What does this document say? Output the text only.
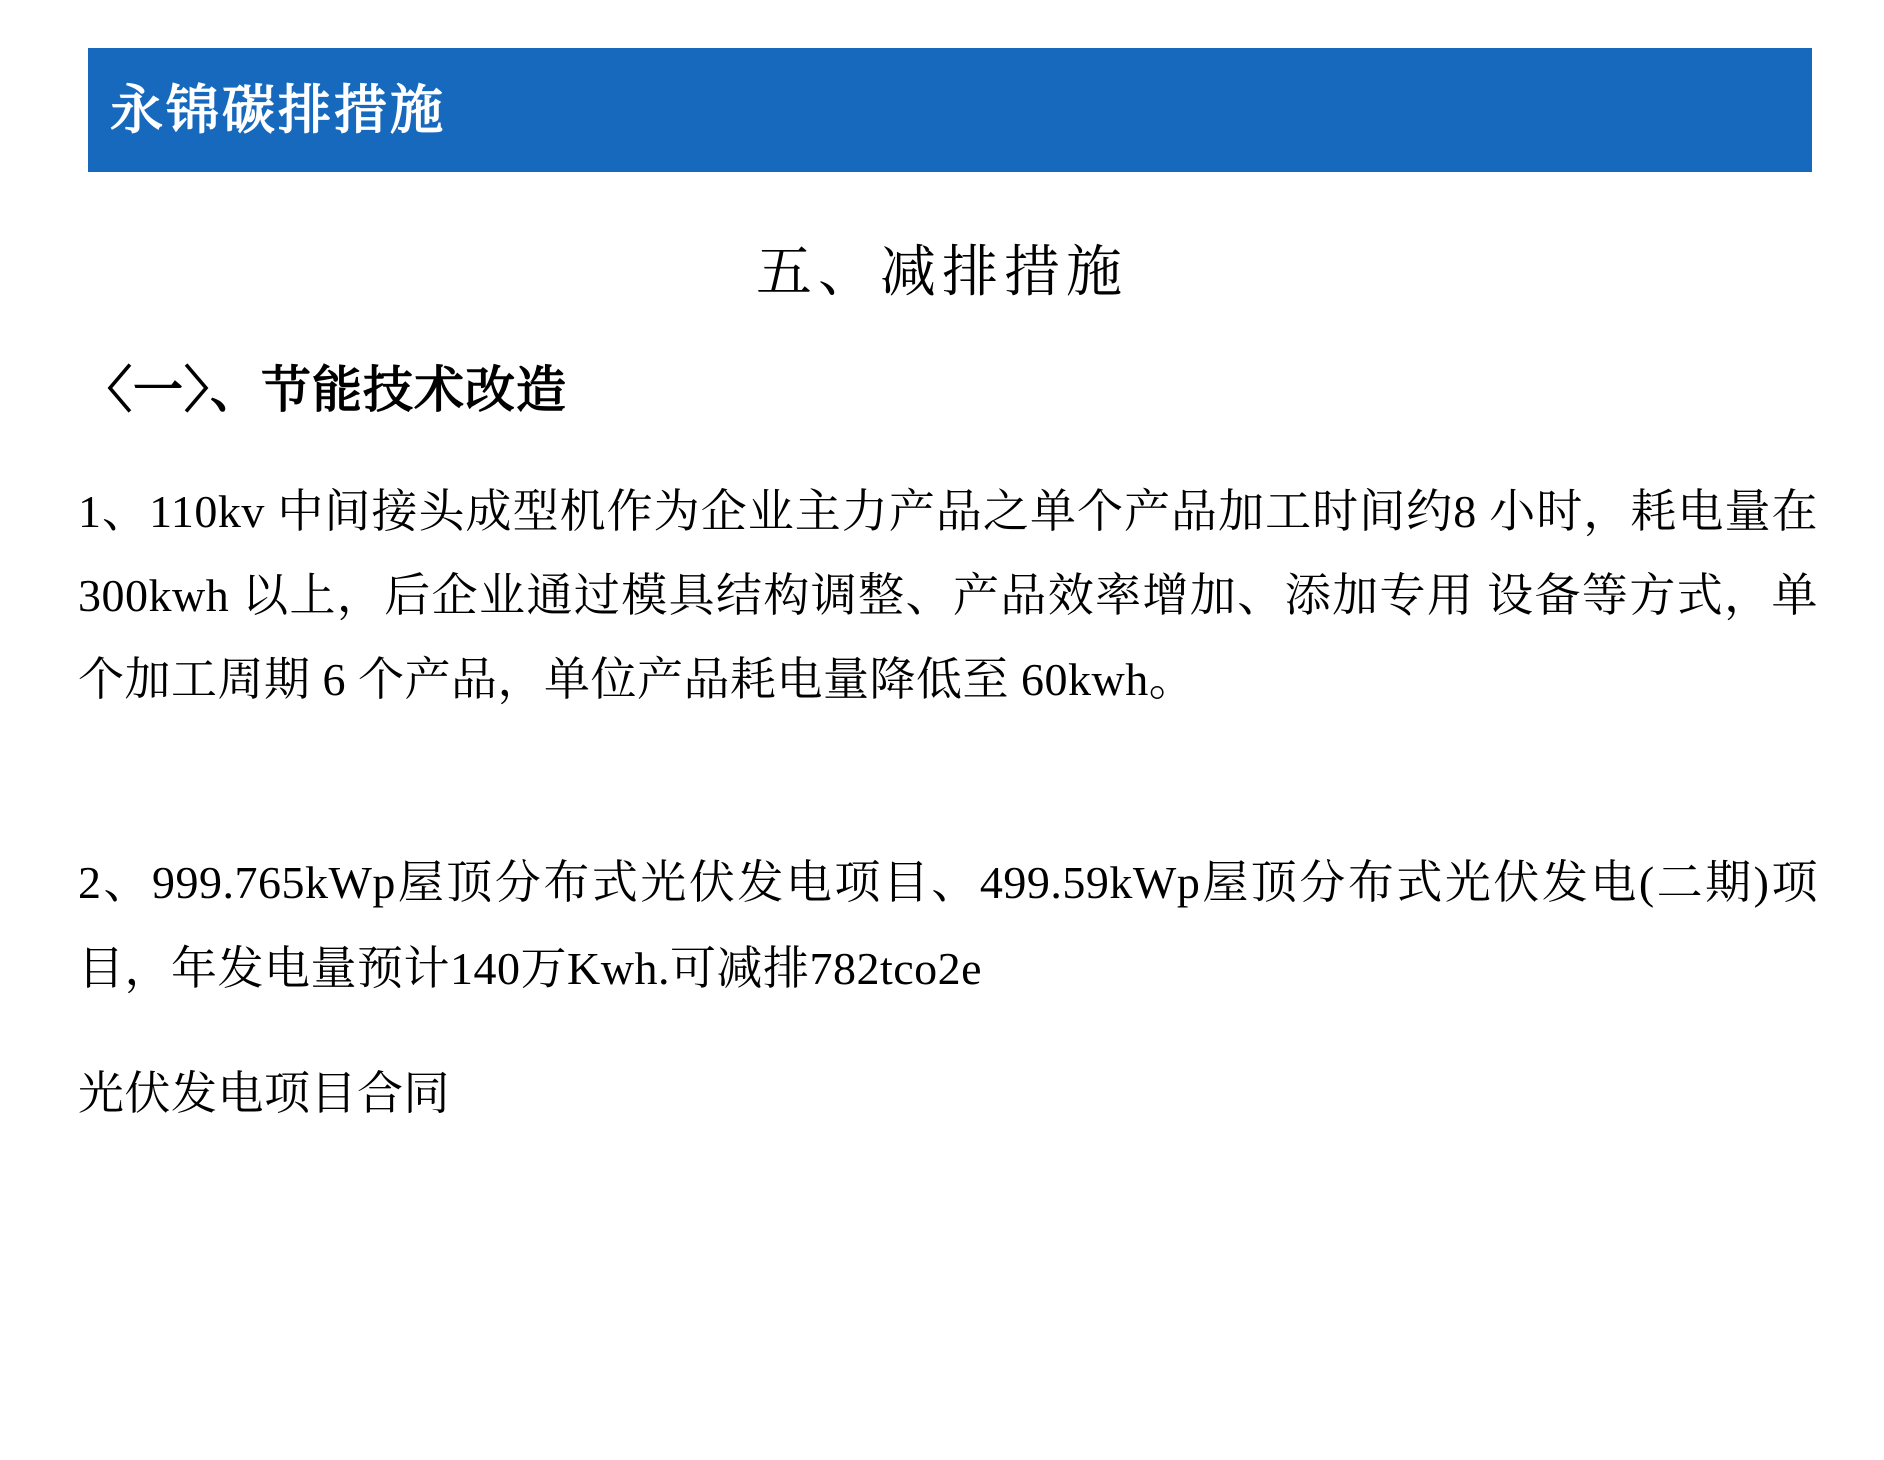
永锦碳排措施
五、减排措施
〈一〉、节能技术改造
1、110kv 中间接头成型机作为企业主力产品之单个产品加工时间约8 小时，耗电量在300kwh 以上，后企业通过模具结构调整、产品效率增加、添加专用 设备等方式，单个加工周期 6 个产品，单位产品耗电量降低至 60kwh。
2、999.765kWp屋顶分布式光伏发电项目、499.59kWp屋顶分布式光伏发电(二期)项目，年发电量预计140万Kwh.可减排782tco2e
光伏发电项目合同
